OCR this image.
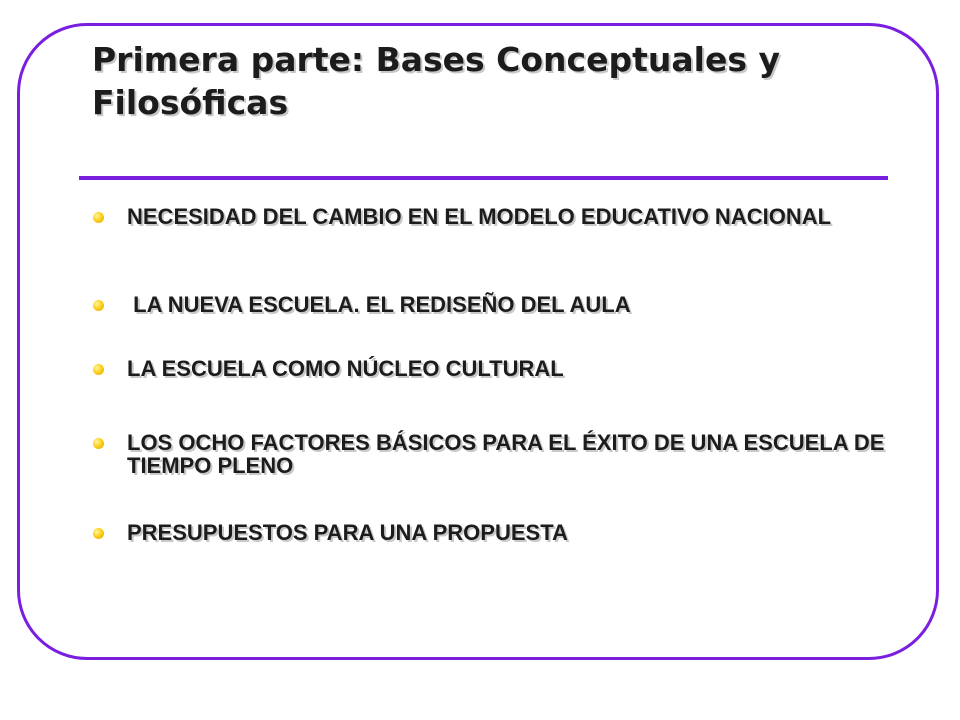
Primera parte: Bases Conceptuales y Filosóficas
NECESIDAD DEL CAMBIO EN EL MODELO EDUCATIVO NACIONAL
LA NUEVA ESCUELA. EL REDISEÑO DEL AULA
LA ESCUELA COMO NÚCLEO CULTURAL
LOS OCHO FACTORES BÁSICOS PARA EL ÉXITO DE UNA ESCUELA DE TIEMPO PLENO
PRESUPUESTOS PARA UNA PROPUESTA
